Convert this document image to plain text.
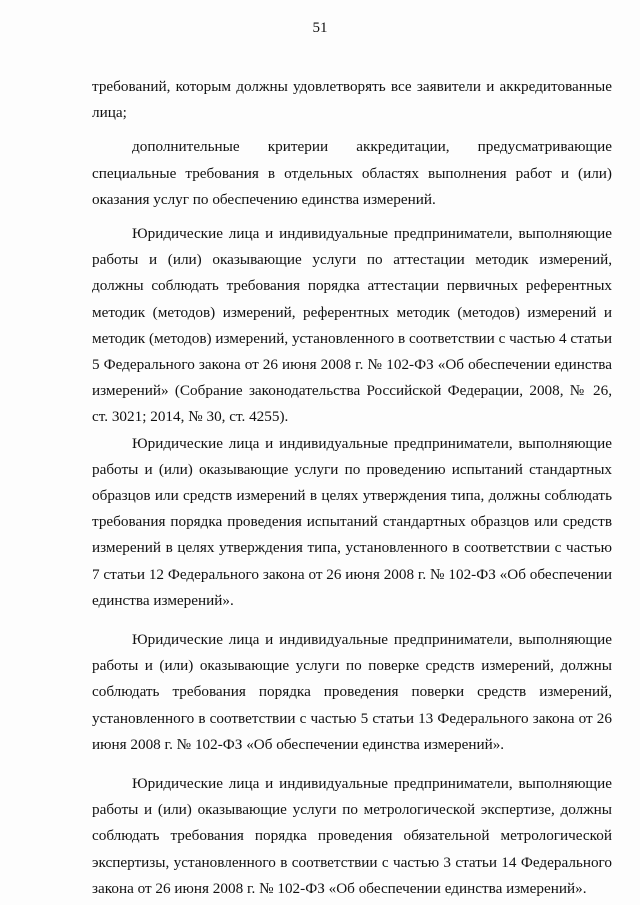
51

требований, которым должны удовлетворять все заявители и аккредитованные лица;

дополнительные критерии аккредитации, предусматривающие специальные требования в отдельных областях выполнения работ и (или) оказания услуг по обеспечению единства измерений.

Юридические лица и индивидуальные предприниматели, выполняющие работы и (или) оказывающие услуги по аттестации методик измерений, должны соблюдать требования порядка аттестации первичных референтных методик (методов) измерений, референтных методик (методов) измерений и методик (методов) измерений, установленного в соответствии с частью 4 статьи 5 Федерального закона от 26 июня 2008 г. № 102-ФЗ «Об обеспечении единства измерений» (Собрание законодательства Российской Федерации, 2008, № 26, ст. 3021; 2014, № 30, ст. 4255).

Юридические лица и индивидуальные предприниматели, выполняющие работы и (или) оказывающие услуги по проведению испытаний стандартных образцов или средств измерений в целях утверждения типа, должны соблюдать требования порядка проведения испытаний стандартных образцов или средств измерений в целях утверждения типа, установленного в соответствии с частью 7 статьи 12 Федерального закона от 26 июня 2008 г. № 102-ФЗ «Об обеспечении единства измерений».

Юридические лица и индивидуальные предприниматели, выполняющие работы и (или) оказывающие услуги по поверке средств измерений, должны соблюдать требования порядка проведения поверки средств измерений, установленного в соответствии с частью 5 статьи 13 Федерального закона от 26 июня 2008 г. № 102-ФЗ «Об обеспечении единства измерений».

Юридические лица и индивидуальные предприниматели, выполняющие работы и (или) оказывающие услуги по метрологической экспертизе, должны соблюдать требования порядка проведения обязательной метрологической экспертизы, установленного в соответствии с частью 3 статьи 14 Федерального закона от 26 июня 2008 г. № 102-ФЗ «Об обеспечении единства измерений».
